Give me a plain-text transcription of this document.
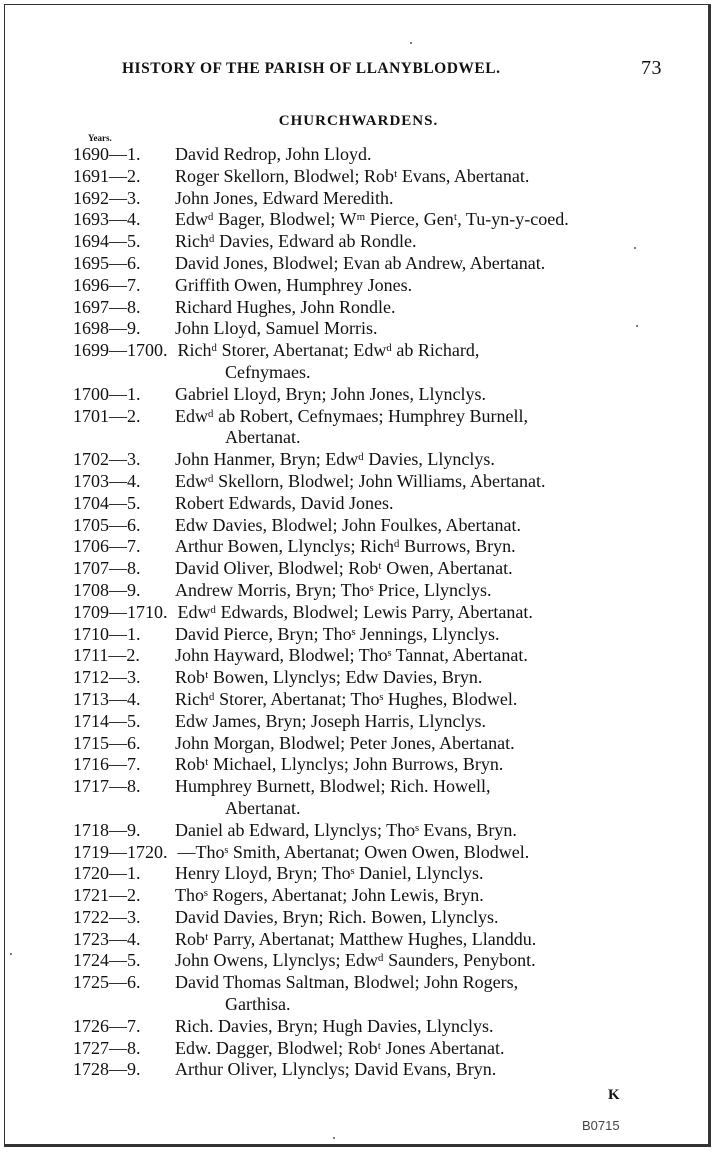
HISTORY OF THE PARISH OF LLANYBLODWEL.	73
CHURCHWARDENS.
Years.
1690—1. David Redrop, John Lloyd.
1691—2. Roger Skellorn, Blodwel; Robᵗ Evans, Abertanat.
1692—3. John Jones, Edward Meredith.
1693—4. Edwᵈ Bager, Blodwel; Wᵐ Pierce, Genᵗ, Tu-yn-y-coed.
1694—5. Richᵈ Davies, Edward ab Rondle.
1695—6. David Jones, Blodwel; Evan ab Andrew, Abertanat.
1696—7. Griffith Owen, Humphrey Jones.
1697—8. Richard Hughes, John Rondle.
1698—9. John Lloyd, Samuel Morris.
1699—1700. Richᵈ Storer, Abertanat; Edwᵈ ab Richard,
Cefnymaes.
1700—1. Gabriel Lloyd, Bryn; John Jones, Llynclys.
1701—2. Edwᵈ ab Robert, Cefnymaes; Humphrey Burnell,
Abertanat.
1702—3. John Hanmer, Bryn; Edwᵈ Davies, Llynclys.
1703—4. Edwᵈ Skellorn, Blodwel; John Williams, Abertanat.
1704—5. Robert Edwards, David Jones.
1705—6. Edw Davies, Blodwel; John Foulkes, Abertanat.
1706—7. Arthur Bowen, Llynclys; Richᵈ Burrows, Bryn.
1707—8. David Oliver, Blodwel; Robᵗ Owen, Abertanat.
1708—9. Andrew Morris, Bryn; Thoˢ Price, Llynclys.
1709—1710. Edwᵈ Edwards, Blodwel; Lewis Parry, Abertanat.
1710—1. David Pierce, Bryn; Thoˢ Jennings, Llynclys.
1711—2. John Hayward, Blodwel; Thoˢ Tannat, Abertanat.
1712—3. Robᵗ Bowen, Llynclys; Edw Davies, Bryn.
1713—4. Richᵈ Storer, Abertanat; Thoˢ Hughes, Blodwel.
1714—5. Edw James, Bryn; Joseph Harris, Llynclys.
1715—6. John Morgan, Blodwel; Peter Jones, Abertanat.
1716—7. Robᵗ Michael, Llynclys; John Burrows, Bryn.
1717—8. Humphrey Burnett, Blodwel; Rich. Howell,
Abertanat.
1718—9. Daniel ab Edward, Llynclys; Thoˢ Evans, Bryn.
1719—1720. —Thoˢ Smith, Abertanat; Owen Owen, Blodwel.
1720—1. Henry Lloyd, Bryn; Thoˢ Daniel, Llynclys.
1721—2. Thoˢ Rogers, Abertanat; John Lewis, Bryn.
1722—3. David Davies, Bryn; Rich. Bowen, Llynclys.
1723—4. Robᵗ Parry, Abertanat; Matthew Hughes, Llanddu.
1724—5. John Owens, Llynclys; Edwᵈ Saunders, Penybont.
1725—6. David Thomas Saltman, Blodwel; John Rogers,
Garthisa.
1726—7. Rich. Davies, Bryn; Hugh Davies, Llynclys.
1727—8. Edw. Dagger, Blodwel; Robᵗ Jones Abertanat.
1728—9. Arthur Oliver, Llynclys; David Evans, Bryn.
K
B0715
